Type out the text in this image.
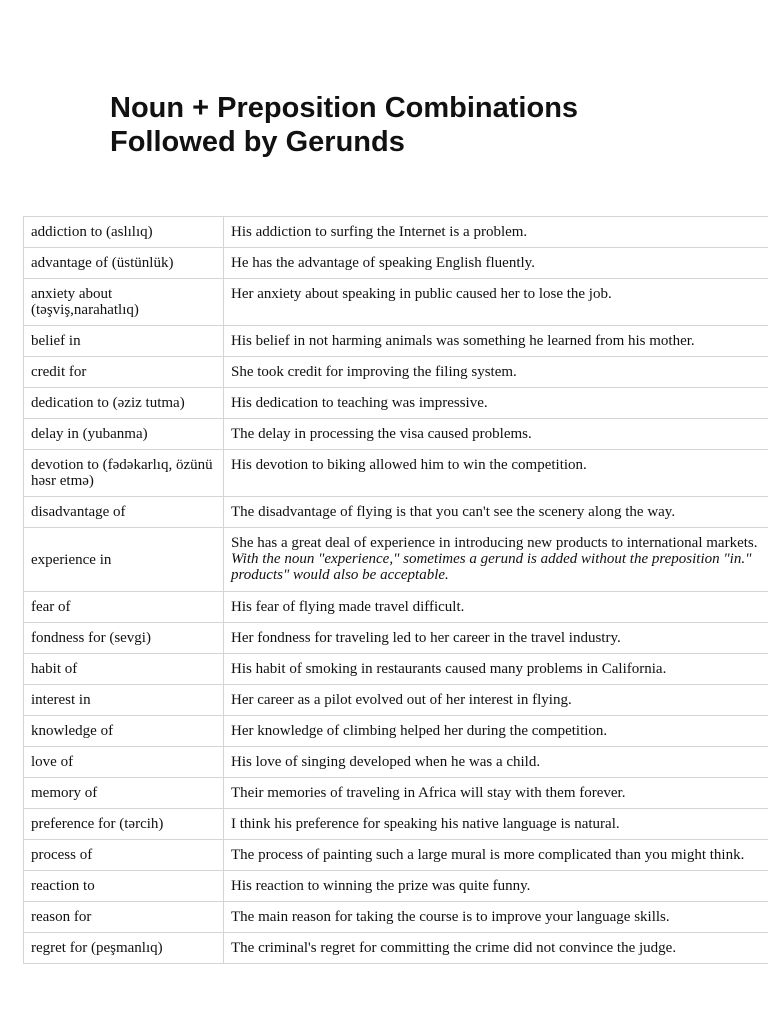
Noun + Preposition Combinations
Followed by Gerunds
addiction to (aslılıq)	His addiction to surfing the Internet is a problem.
advantage of (üstünlük)	He has the advantage of speaking English fluently.
anxiety about (təşviş,narahatlıq)	Her anxiety about speaking in public caused her to lose the job.
belief in	His belief in not harming animals was something he learned from his mother.
credit for	She took credit for improving the filing system.
dedication to (əziz tutma)	His dedication to teaching was impressive.
delay in (yubanma)	The delay in processing the visa caused problems.
devotion to (fədəkarlıq, özünü həsr etmə)	His devotion to biking allowed him to win the competition.
disadvantage of	The disadvantage of flying is that you can't see the scenery along the way.
experience in	She has a great deal of experience in introducing new products to international markets.
With the noun "experience," sometimes a gerund is added without the preposition "in."
products" would also be acceptable.

fear of	His fear of flying made travel difficult.
fondness for (sevgi)	Her fondness for traveling led to her career in the travel industry.
habit of	His habit of smoking in restaurants caused many problems in California.
interest in	Her career as a pilot evolved out of her interest in flying.
knowledge of	Her knowledge of climbing helped her during the competition.
love of	His love of singing developed when he was a child.
memory of	Their memories of traveling in Africa will stay with them forever.
preference for (tərcih)	I think his preference for speaking his native language is natural.
process of	The process of painting such a large mural is more complicated than you might think.
reaction to	His reaction to winning the prize was quite funny.
reason for	The main reason for taking the course is to improve your language skills.
regret for (peşmanlıq)	The criminal's regret for committing the crime did not convince the judge.
